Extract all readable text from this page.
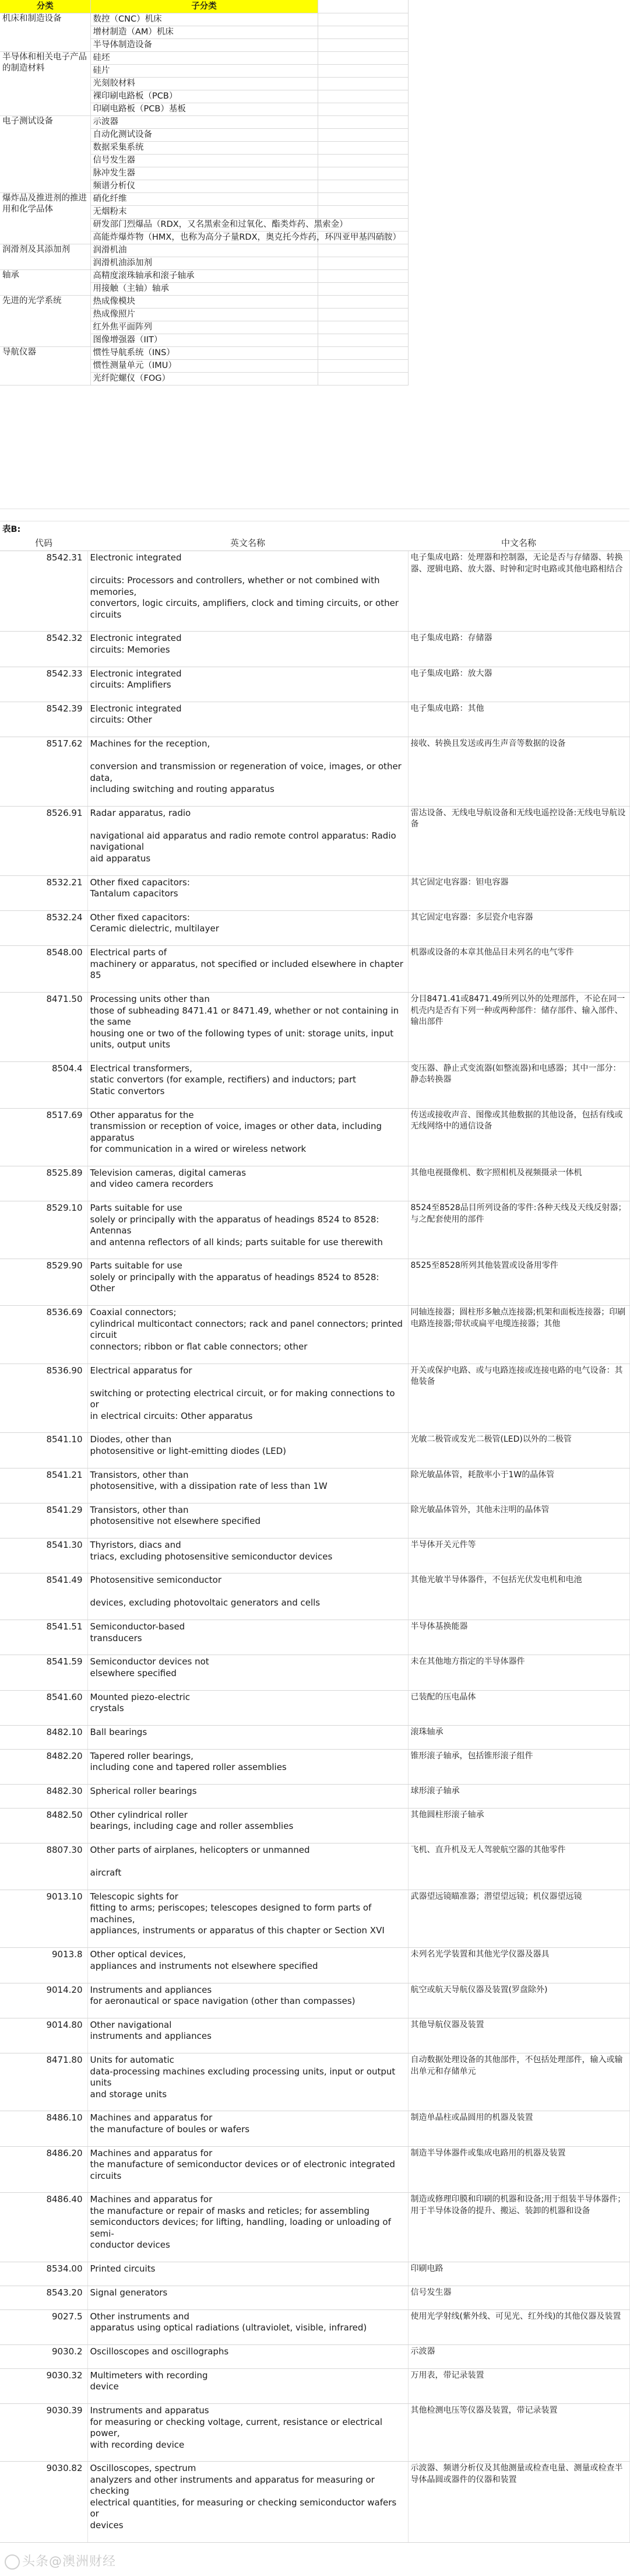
分类	子分类	
机床和制造设备	数控（CNC）机床	
	增材制造（AM）机床	
	半导体制造设备	
半导体和相关电子产品的制造材料	硅坯	
	硅片	
	光刻胶材料	
	裸印刷电路板（PCB）	
	印刷电路板（PCB）基板	
电子测试设备	示波器	
	自动化测试设备	
	数据采集系统	
	信号发生器	
	脉冲发生器	
	频谱分析仪	
爆炸品及推进剂的推进用和化学品体	硝化纤维	
	无烟粉末	
	研发部门烈爆品（RDX，又名黑索金和过氧化、酯类炸药、黑索金）	
	高能炸爆炸物（HMX，也称为高分子量RDX，奥克托今炸药，环四亚甲基四硝胺）	
润滑剂及其添加剂	润滑机油	
	润滑机油添加剂	
轴承	高精度滚珠轴承和滚子轴承	
	用接触（主轴）轴承	
先进的光学系统	热成像模块	
	热成像照片	
	红外焦平面阵列	
	图像增强器（IIT）	
导航仪器	惯性导航系统（INS）	
	惯性测量单元（IMU）	
	光纤陀螺仪（FOG）	
表B:
代码	英文名称	中文名称
8542.31	Electronic integrated

circuits: Processors and controllers, whether or not combined with memories,
convertors, logic circuits, amplifiers, clock and timing circuits, or other
circuits	电子集成电路：处理器和控制器，无论是否与存储器、转换器、逻辑电路、放大器、时钟和定时电路或其他电路相结合
8542.32	Electronic integrated
circuits: Memories	电子集成电路：存储器
8542.33	Electronic integrated
circuits: Amplifiers	电子集成电路：放大器
8542.39	Electronic integrated
circuits: Other	电子集成电路：其他
8517.62	Machines for the reception,

conversion and transmission or regeneration of voice, images, or other data,
including switching and routing apparatus	接收、转换且发送或再生声音等数据的设备
8526.91	Radar apparatus, radio

navigational aid apparatus and radio remote control apparatus: Radio navigational
aid apparatus	雷达设备、无线电导航设备和无线电遥控设备:无线电导航设备
8532.21	Other fixed capacitors:
Tantalum capacitors	其它固定电容器：钽电容器
8532.24	Other fixed capacitors:
Ceramic dielectric, multilayer	其它固定电容器：多层瓷介电容器
8548.00	Electrical parts of
machinery or apparatus, not specified or included elsewhere in chapter 85	机器或设备的本章其他品目未列名的电气零件
8471.50	Processing units other than
those of subheading 8471.41 or 8471.49, whether or not containing in the same
housing one or two of the following types of unit: storage units, input
units, output units	分目8471.41或8471.49所列以外的处理部件，不论在同一机壳内是否有下列一种或两种部件：储存部件、输入部件、输出部件
8504.4	Electrical transformers,
static convertors (for example, rectifiers) and inductors; part
Static convertors	变压器、静止式变流器(如整流器)和电感器；其中一部分：静态转换器
8517.69	Other apparatus for the
transmission or reception of voice, images or other data, including apparatus
for communication in a wired or wireless network	传送或接收声音、图像或其他数据的其他设备，包括有线或无线网络中的通信设备
8525.89	Television cameras, digital cameras
and video camera recorders	其他电视摄像机、数字照相机及视频摄录一体机
8529.10	Parts suitable for use
solely or principally with the apparatus of headings 8524 to 8528: Antennas
and antenna reflectors of all kinds; parts suitable for use therewith	8524至8528品目所列设备的零件:各种天线及天线反射器；与之配套使用的部件
8529.90	Parts suitable for use
solely or principally with the apparatus of headings 8524 to 8528: Other	8525至8528所列其他装置或设备用零件
8536.69	Coaxial connectors;
cylindrical multicontact connectors; rack and panel connectors; printed circuit
connectors; ribbon or flat cable connectors; other	同轴连接器；圆柱形多触点连接器;机架和面板连接器；印刷电路连接器;带状或扁平电缆连接器；其他
8536.90	Electrical apparatus for

switching or protecting electrical circuit, or for making connections to or
in electrical circuits: Other apparatus	开关或保护电路、或与电路连接或连接电路的电气设备：其他装备
8541.10	Diodes, other than
photosensitive or light-emitting diodes (LED)	光敏二极管或发光二极管(LED)以外的二极管
8541.21	Transistors, other than
photosensitive, with a dissipation rate of less than 1W	除光敏晶体管，耗散率小于1W的晶体管
8541.29	Transistors, other than
photosensitive not elsewhere specified	除光敏晶体管外，其他未注明的晶体管
8541.30	Thyristors, diacs and
triacs, excluding photosensitive semiconductor devices	半导体开关元件等
8541.49	Photosensitive semiconductor

devices, excluding photovoltaic generators and cells	其他光敏半导体器件，不包括光伏发电机和电池
8541.51	Semiconductor-based
transducers	半导体基换能器
8541.59	Semiconductor devices not
elsewhere specified	未在其他地方指定的半导体器件
8541.60	Mounted piezo-electric
crystals	已装配的压电晶体
8482.10	Ball bearings	滚珠轴承
8482.20	Tapered roller bearings,
including cone and tapered roller assemblies	锥形滚子轴承，包括锥形滚子组件
8482.30	Spherical roller bearings	球形滚子轴承
8482.50	Other cylindrical roller
bearings, including cage and roller assemblies	其他圆柱形滚子轴承
8807.30	Other parts of airplanes, helicopters or unmanned

aircraft	飞机、直升机及无人驾驶航空器的其他零件
9013.10	Telescopic sights for
fitting to arms; periscopes; telescopes designed to form parts of machines,
appliances, instruments or apparatus of this chapter or Section XVI	武器望远镜瞄准器；潜望望远镜；机仪器望远镜
9013.8	Other optical devices,
appliances and instruments not elsewhere specified	未列名光学装置和其他光学仪器及器具
9014.20	Instruments and appliances
for aeronautical or space navigation (other than compasses)	航空或航天导航仪器及装置(罗盘除外)
9014.80	Other navigational
instruments and appliances	其他导航仪器及装置
8471.80	Units for automatic
data-processing machines excluding processing units, input or output units
and storage units	自动数据处理设备的其他部件，不包括处理部件，输入或输出单元和存储单元
8486.10	Machines and apparatus for
the manufacture of boules or wafers	制造单晶柱或晶圆用的机器及装置
8486.20	Machines and apparatus for
the manufacture of semiconductor devices or of electronic integrated circuits	制造半导体器件或集成电路用的机器及装置
8486.40	Machines and apparatus for
the manufacture or repair of masks and reticles; for assembling
semiconductors devices; for lifting, handling, loading or unloading of semi-
conductor devices	制造或修理印膜和印刷的机器和设备;用于组装半导体器件；用于半导体设备的提升、搬运、装卸的机器和设备
8534.00	Printed circuits	印刷电路
8543.20	Signal generators	信号发生器
9027.5	Other instruments and
apparatus using optical radiations (ultraviolet, visible, infrared)	使用光学射线(紫外线、可见光、红外线)的其他仪器及装置
9030.2	Oscilloscopes and oscillographs	示波器
9030.32	Multimeters with recording
device	万用表，带记录装置
9030.39	Instruments and apparatus
for measuring or checking voltage, current, resistance or electrical power,
with recording device	其他检测电压等仪器及装置，带记录装置
9030.82	Oscilloscopes, spectrum
analyzers and other instruments and apparatus for measuring or checking
electrical quantities, for measuring or checking semiconductor wafers or
devices	示波器、频谱分析仪及其他测量或检查电量、测量或检查半导体晶圆或器件的仪器和装置
头条@澳洲财经
